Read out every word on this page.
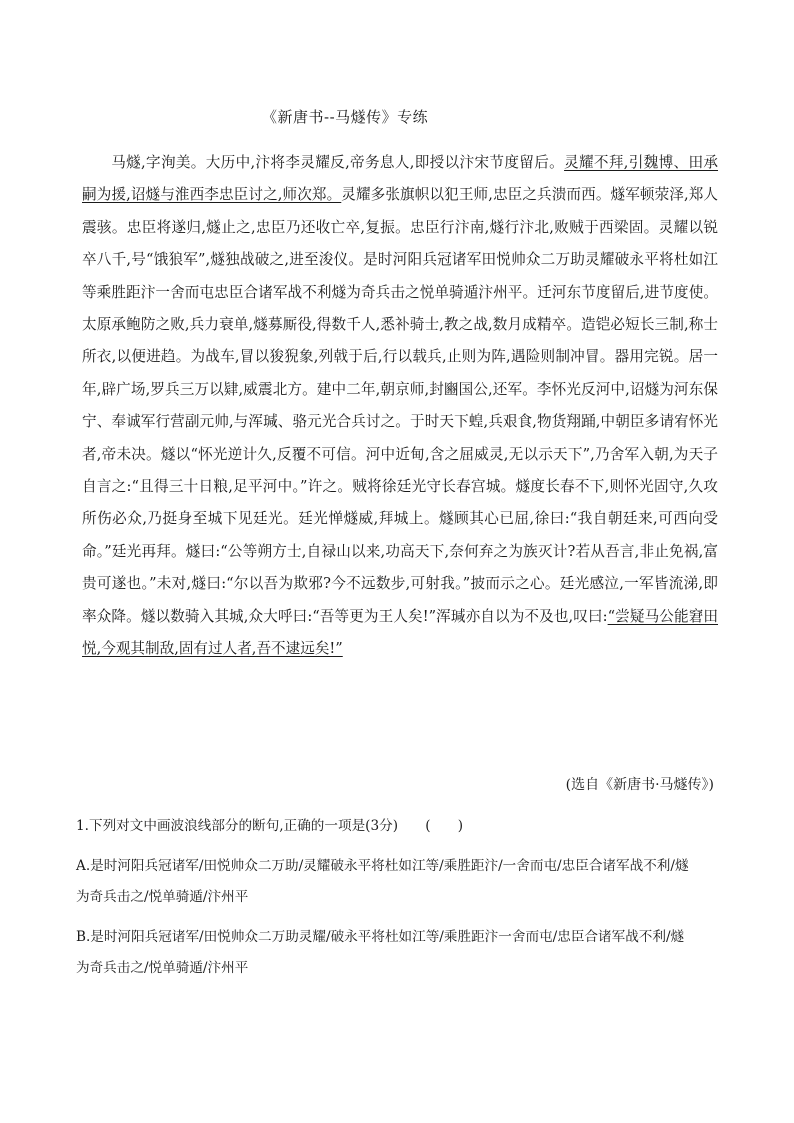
《新唐书--马燧传》专练

马燧,字洵美。大历中,汴将李灵耀反,帝务息人,即授以汴宋节度留后。灵耀不拜,引魏博、田承嗣为援,诏燧与淮西李忠臣讨之,师次郑。灵耀多张旗帜以犯王师,忠臣之兵溃而西。燧军顿荥泽,郑人震骇。忠臣将遂归,燧止之,忠臣乃还收亡卒,复振。忠臣行汴南,燧行汴北,败贼于西梁固。灵耀以锐卒八千,号“饿狼军”,燧独战破之,进至浚仪。是时河阳兵冠诸军田悦帅众二万助灵耀破永平将杜如江等乘胜距汴一舍而屯忠臣合诸军战不利燧为奇兵击之悦单骑遁汴州平。迁河东节度留后,进节度使。太原承鲍防之败,兵力衰单,燧募厮役,得数千人,悉补骑士,教之战,数月成精卒。造铠必短长三制,称士所衣,以便进趋。为战车,冒以狻猊象,列戟于后,行以载兵,止则为阵,遇险则制冲冒。器用完锐。居一年,辟广场,罗兵三万以肄,威震北方。建中二年,朝京师,封豳国公,还军。李怀光反河中,诏燧为河东保宁、奉诚军行营副元帅,与浑瑊、骆元光合兵讨之。于时天下蝗,兵艰食,物货翔踊,中朝臣多请宥怀光者,帝未决。燧以“怀光逆计久,反覆不可信。河中近甸,含之屈威灵,无以示天下”,乃舍军入朝,为天子自言之:“且得三十日粮,足平河中。”许之。贼将徐廷光守长春宫城。燧度长春不下,则怀光固守,久攻所伤必众,乃挺身至城下见廷光。廷光惮燧威,拜城上。燧顾其心已屈,徐曰:“我自朝廷来,可西向受命。”廷光再拜。燧曰:“公等朔方士,自禄山以来,功高天下,奈何弃之为族灭计?若从吾言,非止免祸,富贵可遂也。”未对,燧曰:“尔以吾为欺邪?今不远数步,可射我。”披而示之心。廷光感泣,一军皆流涕,即率众降。燧以数骑入其城,众大呼曰:“吾等更为王人矣!”浑瑊亦自以为不及也,叹曰:“尝疑马公能窘田悦,今观其制敌,固有过人者,吾不逮远矣!”

(选自《新唐书·马燧传》)
1.下列对文中画波浪线部分的断句,正确的一项是(3分)　　(　　)
A.是时河阳兵冠诸军/田悦帅众二万助/灵耀破永平将杜如江等/乘胜距汴/一舍而屯/忠臣合诸军战不利/燧
为奇兵击之/悦单骑遁/汴州平
B.是时河阳兵冠诸军/田悦帅众二万助灵耀/破永平将杜如江等/乘胜距汴一舍而屯/忠臣合诸军战不利/燧
为奇兵击之/悦单骑遁/汴州平
